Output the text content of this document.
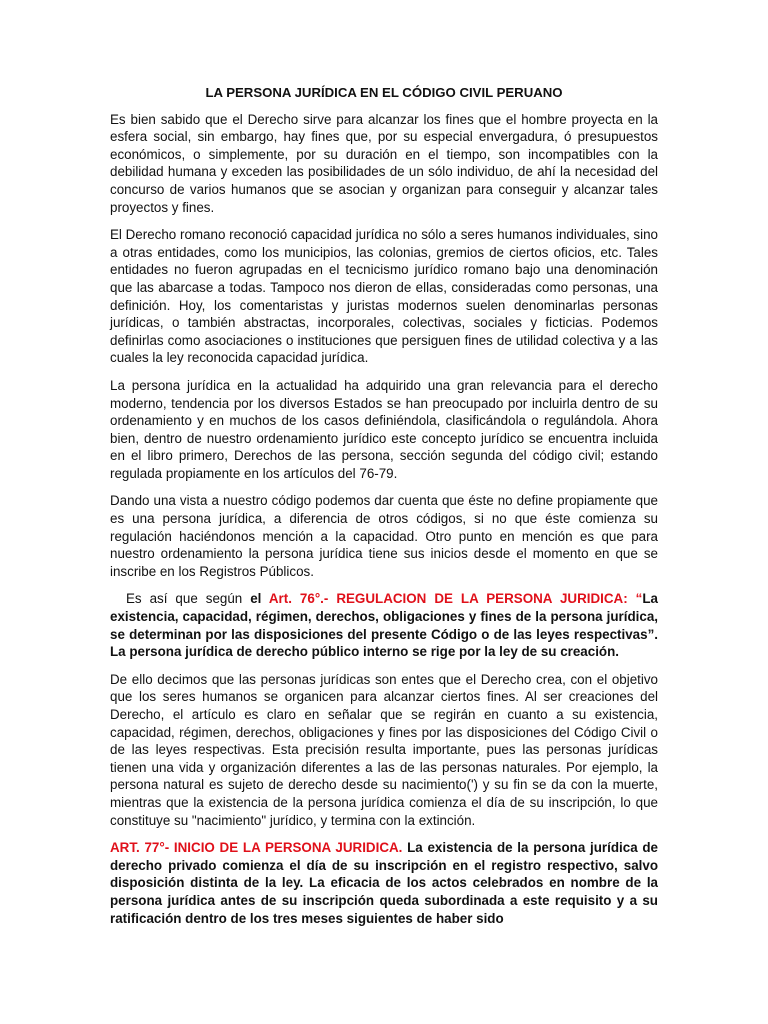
LA PERSONA JURÍDICA EN EL CÓDIGO CIVIL PERUANO

Es bien sabido que el Derecho sirve para alcanzar los fines que el hombre proyecta en la esfera social, sin embargo, hay fines que, por su especial envergadura, ó presupuestos económicos, o simplemente, por su duración en el tiempo, son incompatibles con la debilidad humana y exceden las posibilidades de un sólo individuo, de ahí la necesidad del concurso de varios humanos que se asocian y organizan para conseguir y alcanzar tales proyectos y fines.

El Derecho romano reconoció capacidad jurídica no sólo a seres humanos individuales, sino a otras entidades, como los municipios, las colonias, gremios de ciertos oficios, etc. Tales entidades no fueron agrupadas en el tecnicismo jurídico romano bajo una denominación que las abarcase a todas. Tampoco nos dieron de ellas, consideradas como personas, una definición. Hoy, los comentaristas y juristas modernos suelen denominarlas personas jurídicas, o también abstractas, incorporales, colectivas, sociales y ficticias. Podemos definirlas como asociaciones o instituciones que persiguen fines de utilidad colectiva y a las cuales la ley reconocida capacidad jurídica.

La persona jurídica en la actualidad ha adquirido una gran relevancia para el derecho moderno, tendencia por los diversos Estados se han preocupado por incluirla dentro de su ordenamiento y en muchos de los casos definiéndola, clasificándola o regulándola. Ahora bien, dentro de nuestro ordenamiento jurídico este concepto jurídico se encuentra incluida en el libro primero, Derechos de las persona, sección segunda del código civil; estando regulada propiamente en los artículos del 76-79.

Dando una vista a nuestro código podemos dar cuenta que éste no define propiamente que es una persona jurídica, a diferencia de otros códigos, si no que éste comienza su regulación haciéndonos mención a la capacidad. Otro punto en mención es que para nuestro ordenamiento la persona jurídica tiene sus inicios desde el momento en que se inscribe en los Registros Públicos.

Es así que según el Art. 76°.- REGULACION DE LA PERSONA JURIDICA: “La existencia, capacidad, régimen, derechos, obligaciones y fines de la persona jurídica, se determinan por las disposiciones del presente Código o de las leyes respectivas”. La persona jurídica de derecho público interno se rige por la ley de su creación.

De ello decimos que las personas jurídicas son entes que el Derecho crea, con el objetivo que los seres humanos se organicen para alcanzar ciertos fines. Al ser creaciones del Derecho, el artículo es claro en señalar que se regirán en cuanto a su existencia, capacidad, régimen, derechos, obligaciones y fines por las disposiciones del Código Civil o de las leyes respectivas. Esta precisión resulta importante, pues las personas jurídicas tienen una vida y organización diferentes a las de las personas naturales. Por ejemplo, la persona natural es sujeto de derecho desde su nacimiento(') y su fin se da con la muerte, mientras que la existencia de la persona jurídica comienza el día de su inscripción, lo que constituye su "nacimiento" jurídico, y termina con la extinción.

ART. 77°- INICIO DE LA PERSONA JURIDICA. La existencia de la persona jurídica de derecho privado comienza el día de su inscripción en el registro respectivo, salvo disposición distinta de la ley. La eficacia de los actos celebrados en nombre de la persona jurídica antes de su inscripción queda subordinada a este requisito y a su ratificación dentro de los tres meses siguientes de haber sido
